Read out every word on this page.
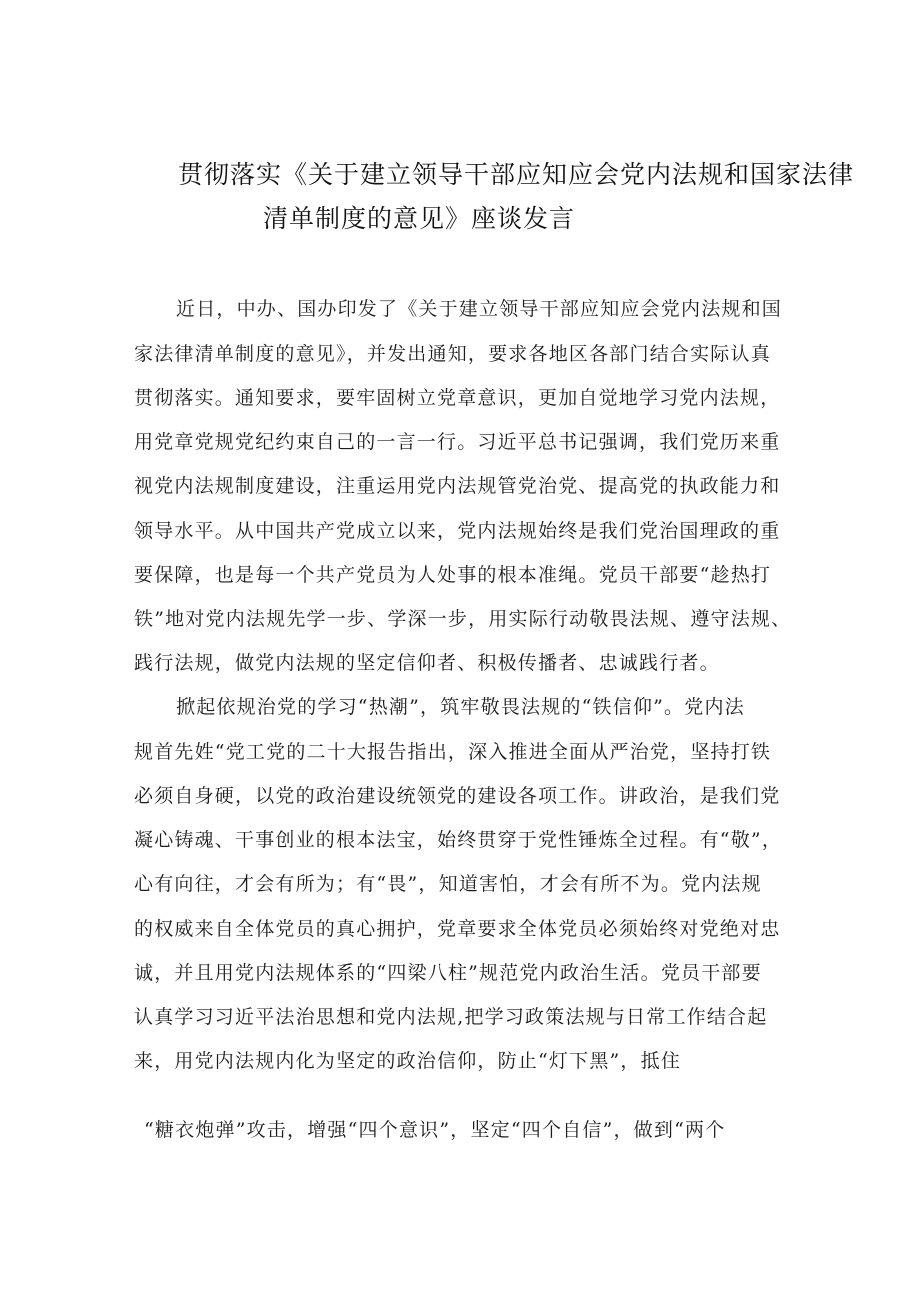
贯彻落实《关于建立领导干部应知应会党内法规和国家法律
清单制度的意见》座谈发言
近日，中办、国办印发了《关于建立领导干部应知应会党内法规和国
家法律清单制度的意见》，并发出通知，要求各地区各部门结合实际认真
贯彻落实。通知要求，要牢固树立党章意识，更加自觉地学习党内法规，
用党章党规党纪约束自己的一言一行。习近平总书记强调，我们党历来重
视党内法规制度建设，注重运用党内法规管党治党、提高党的执政能力和
领导水平。从中国共产党成立以来，党内法规始终是我们党治国理政的重
要保障，也是每一个共产党员为人处事的根本准绳。党员干部要“趁热打
铁”地对党内法规先学一步、学深一步，用实际行动敬畏法规、遵守法规、
践行法规，做党内法规的坚定信仰者、积极传播者、忠诚践行者。
掀起依规治党的学习“热潮”，筑牢敬畏法规的“铁信仰”。党内法
规首先姓“党工党的二十大报告指出，深入推进全面从严治党，坚持打铁
必须自身硬，以党的政治建设统领党的建设各项工作。讲政治，是我们党
凝心铸魂、干事创业的根本法宝，始终贯穿于党性锤炼全过程。有“敬”，
心有向往，才会有所为；有“畏”，知道害怕，才会有所不为。党内法规
的权威来自全体党员的真心拥护，党章要求全体党员必须始终对党绝对忠
诚，并且用党内法规体系的“四梁八柱”规范党内政治生活。党员干部要
认真学习习近平法治思想和党内法规,把学习政策法规与日常工作结合起
来，用党内法规内化为坚定的政治信仰，防止“灯下黑”，抵住
“糖衣炮弹”攻击，增强“四个意识”，坚定“四个自信”，做到“两个
